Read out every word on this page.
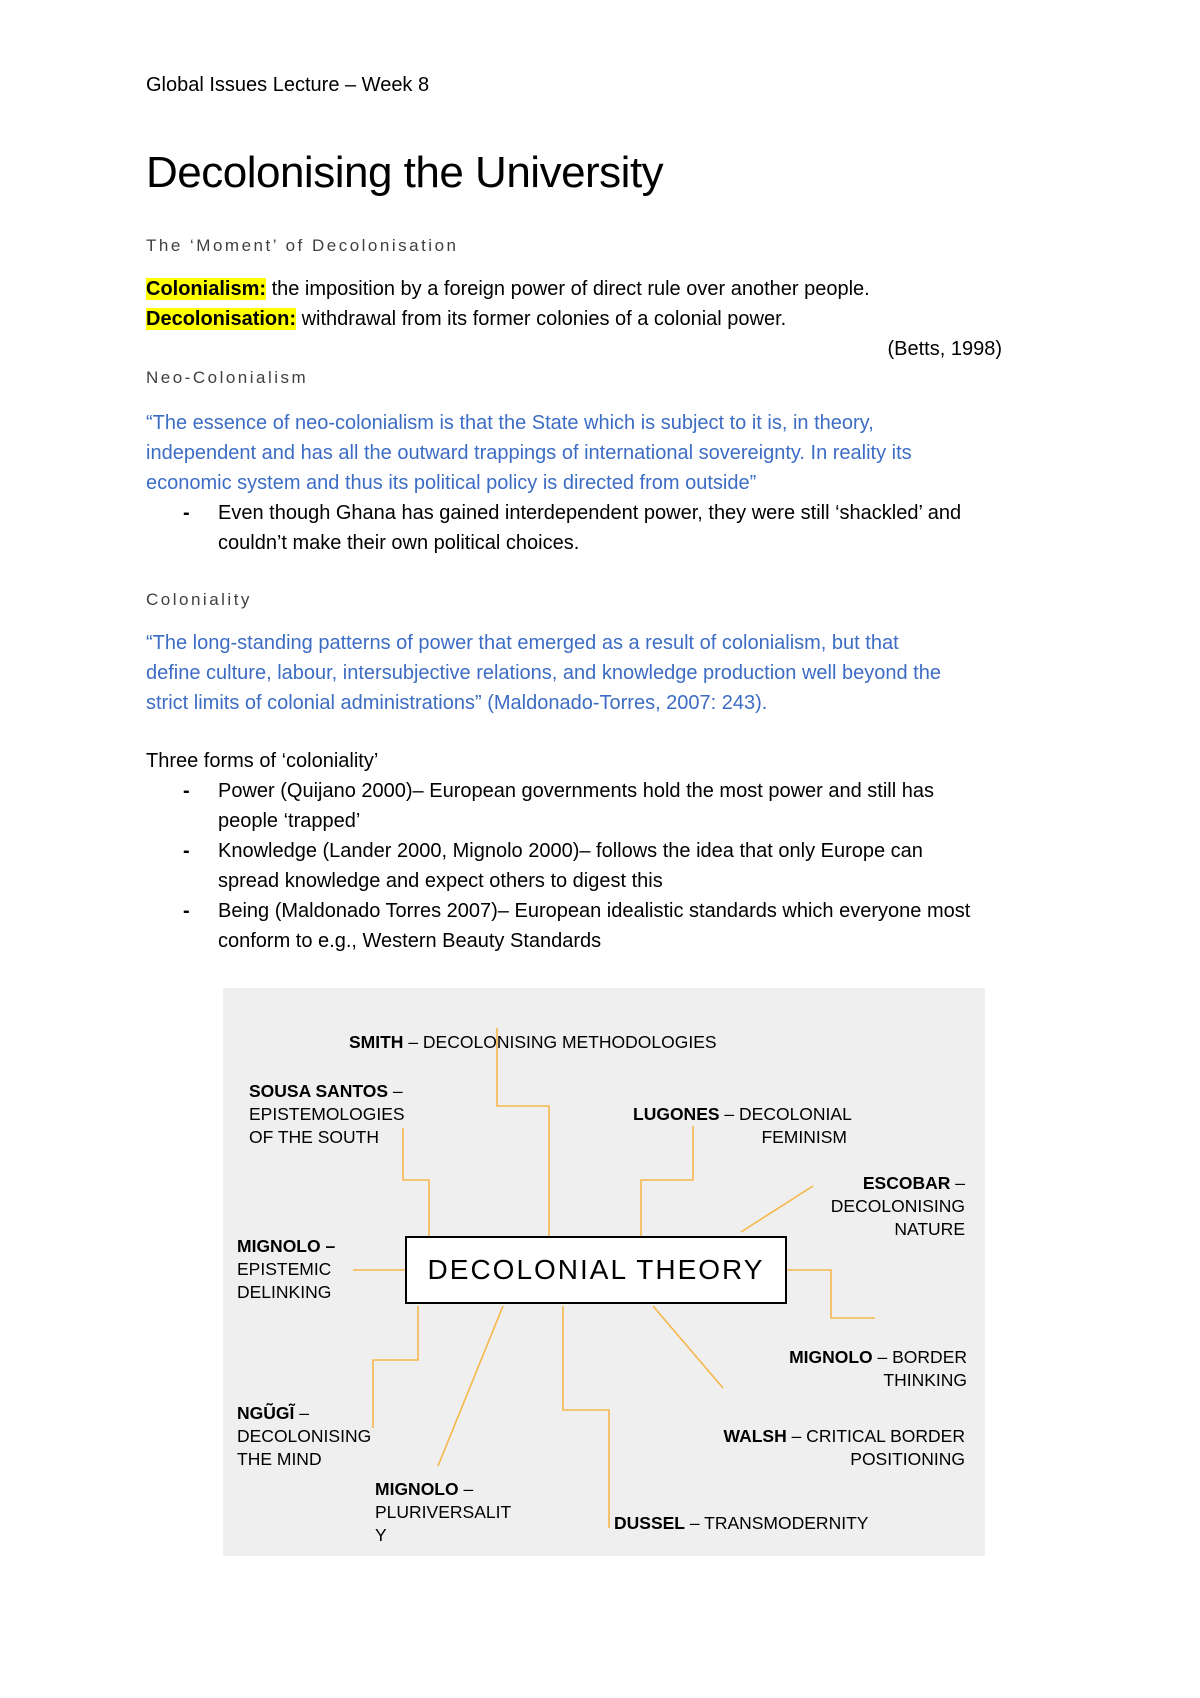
Global Issues Lecture – Week 8
Decolonising the University
The ‘Moment’ of Decolonisation
Colonialism: the imposition by a foreign power of direct rule over another people.
Decolonisation: withdrawal from its former colonies of a colonial power.
(Betts, 1998)
Neo-Colonialism
“The essence of neo-colonialism is that the State which is subject to it is, in theory,
independent and has all the outward trappings of international sovereignty. In reality its
economic system and thus its political policy is directed from outside”
- Even though Ghana has gained interdependent power, they were still ‘shackled’ and
couldn’t make their own political choices.
Coloniality
“The long-standing patterns of power that emerged as a result of colonialism, but that
define culture, labour, intersubjective relations, and knowledge production well beyond the
strict limits of colonial administrations” (Maldonado-Torres, 2007: 243).
Three forms of ‘coloniality’
- Power (Quijano 2000)– European governments hold the most power and still has
people ‘trapped’
- Knowledge (Lander 2000, Mignolo 2000)– follows the idea that only Europe can
spread knowledge and expect others to digest this
- Being (Maldonado Torres 2007)– European idealistic standards which everyone most
conform to e.g., Western Beauty Standards
DECOLONIAL THEORY
SMITH – DECOLONISING METHODOLOGIES
SOUSA SANTOS –
EPISTEMOLOGIES
OF THE SOUTH
LUGONES – DECOLONIAL
FEMINISM
ESCOBAR –
DECOLONISING
NATURE
MIGNOLO –
EPISTEMIC
DELINKING
MIGNOLO – BORDER
THINKING
NGŨGĨ –
DECOLONISING
THE MIND
WALSH – CRITICAL BORDER
POSITIONING
MIGNOLO –
PLURIVERSALIT
Y
DUSSEL – TRANSMODERNITY
